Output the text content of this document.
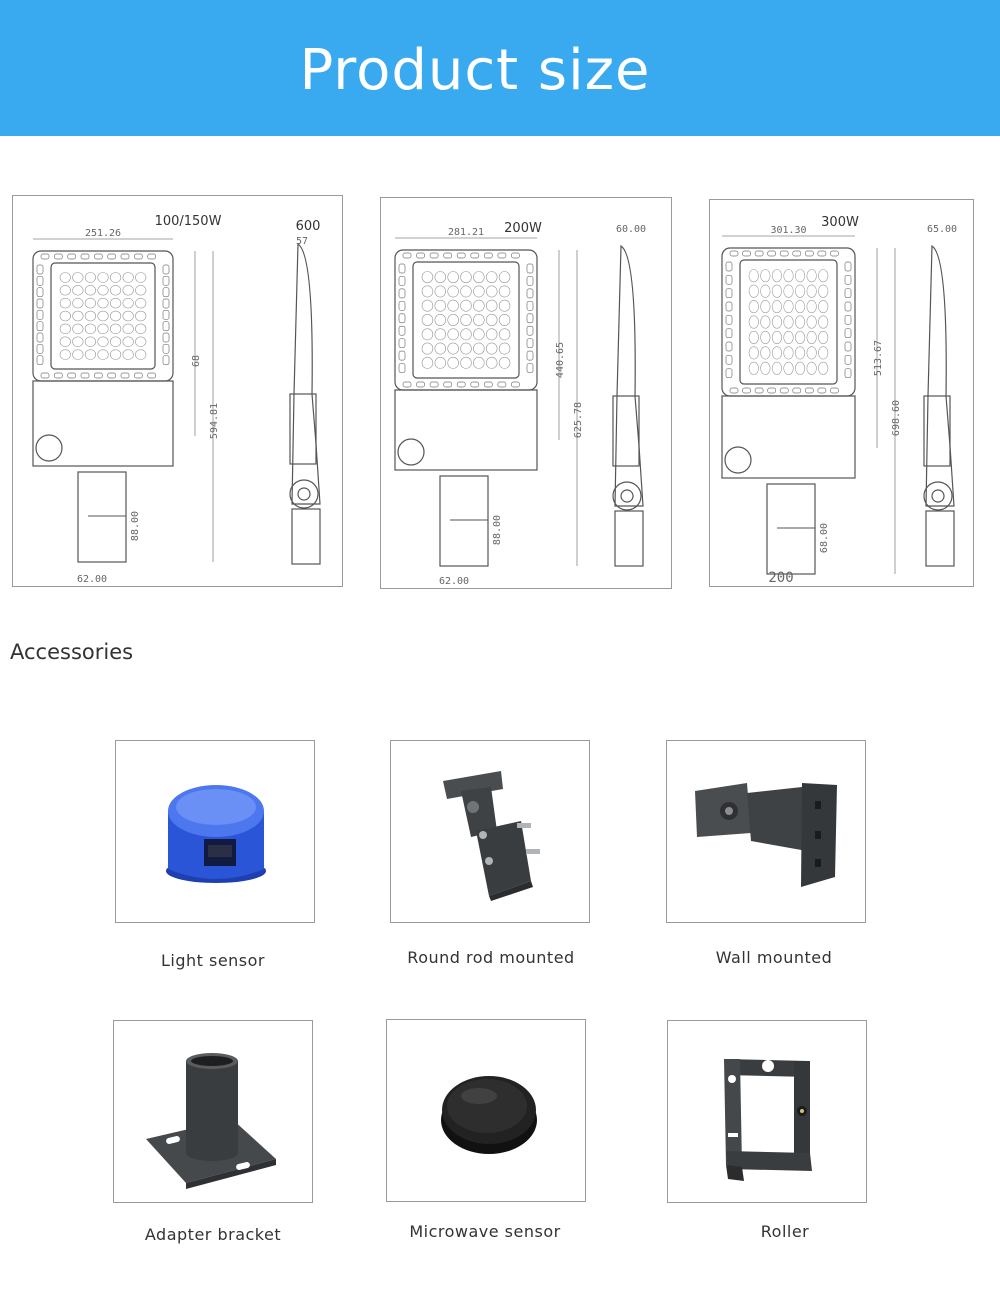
Product size
100/150W
251.26
68
594.81
88.00
62.00
600
57
200W
281.21
440.65
625.78
88.00
62.00
60.00	300W
301.30
513.67
698.60
68.00
200
65.00
Accessories
Light sensor	Round rod mounted	Wall mounted
Adapter bracket	Microwave sensor	Roller
